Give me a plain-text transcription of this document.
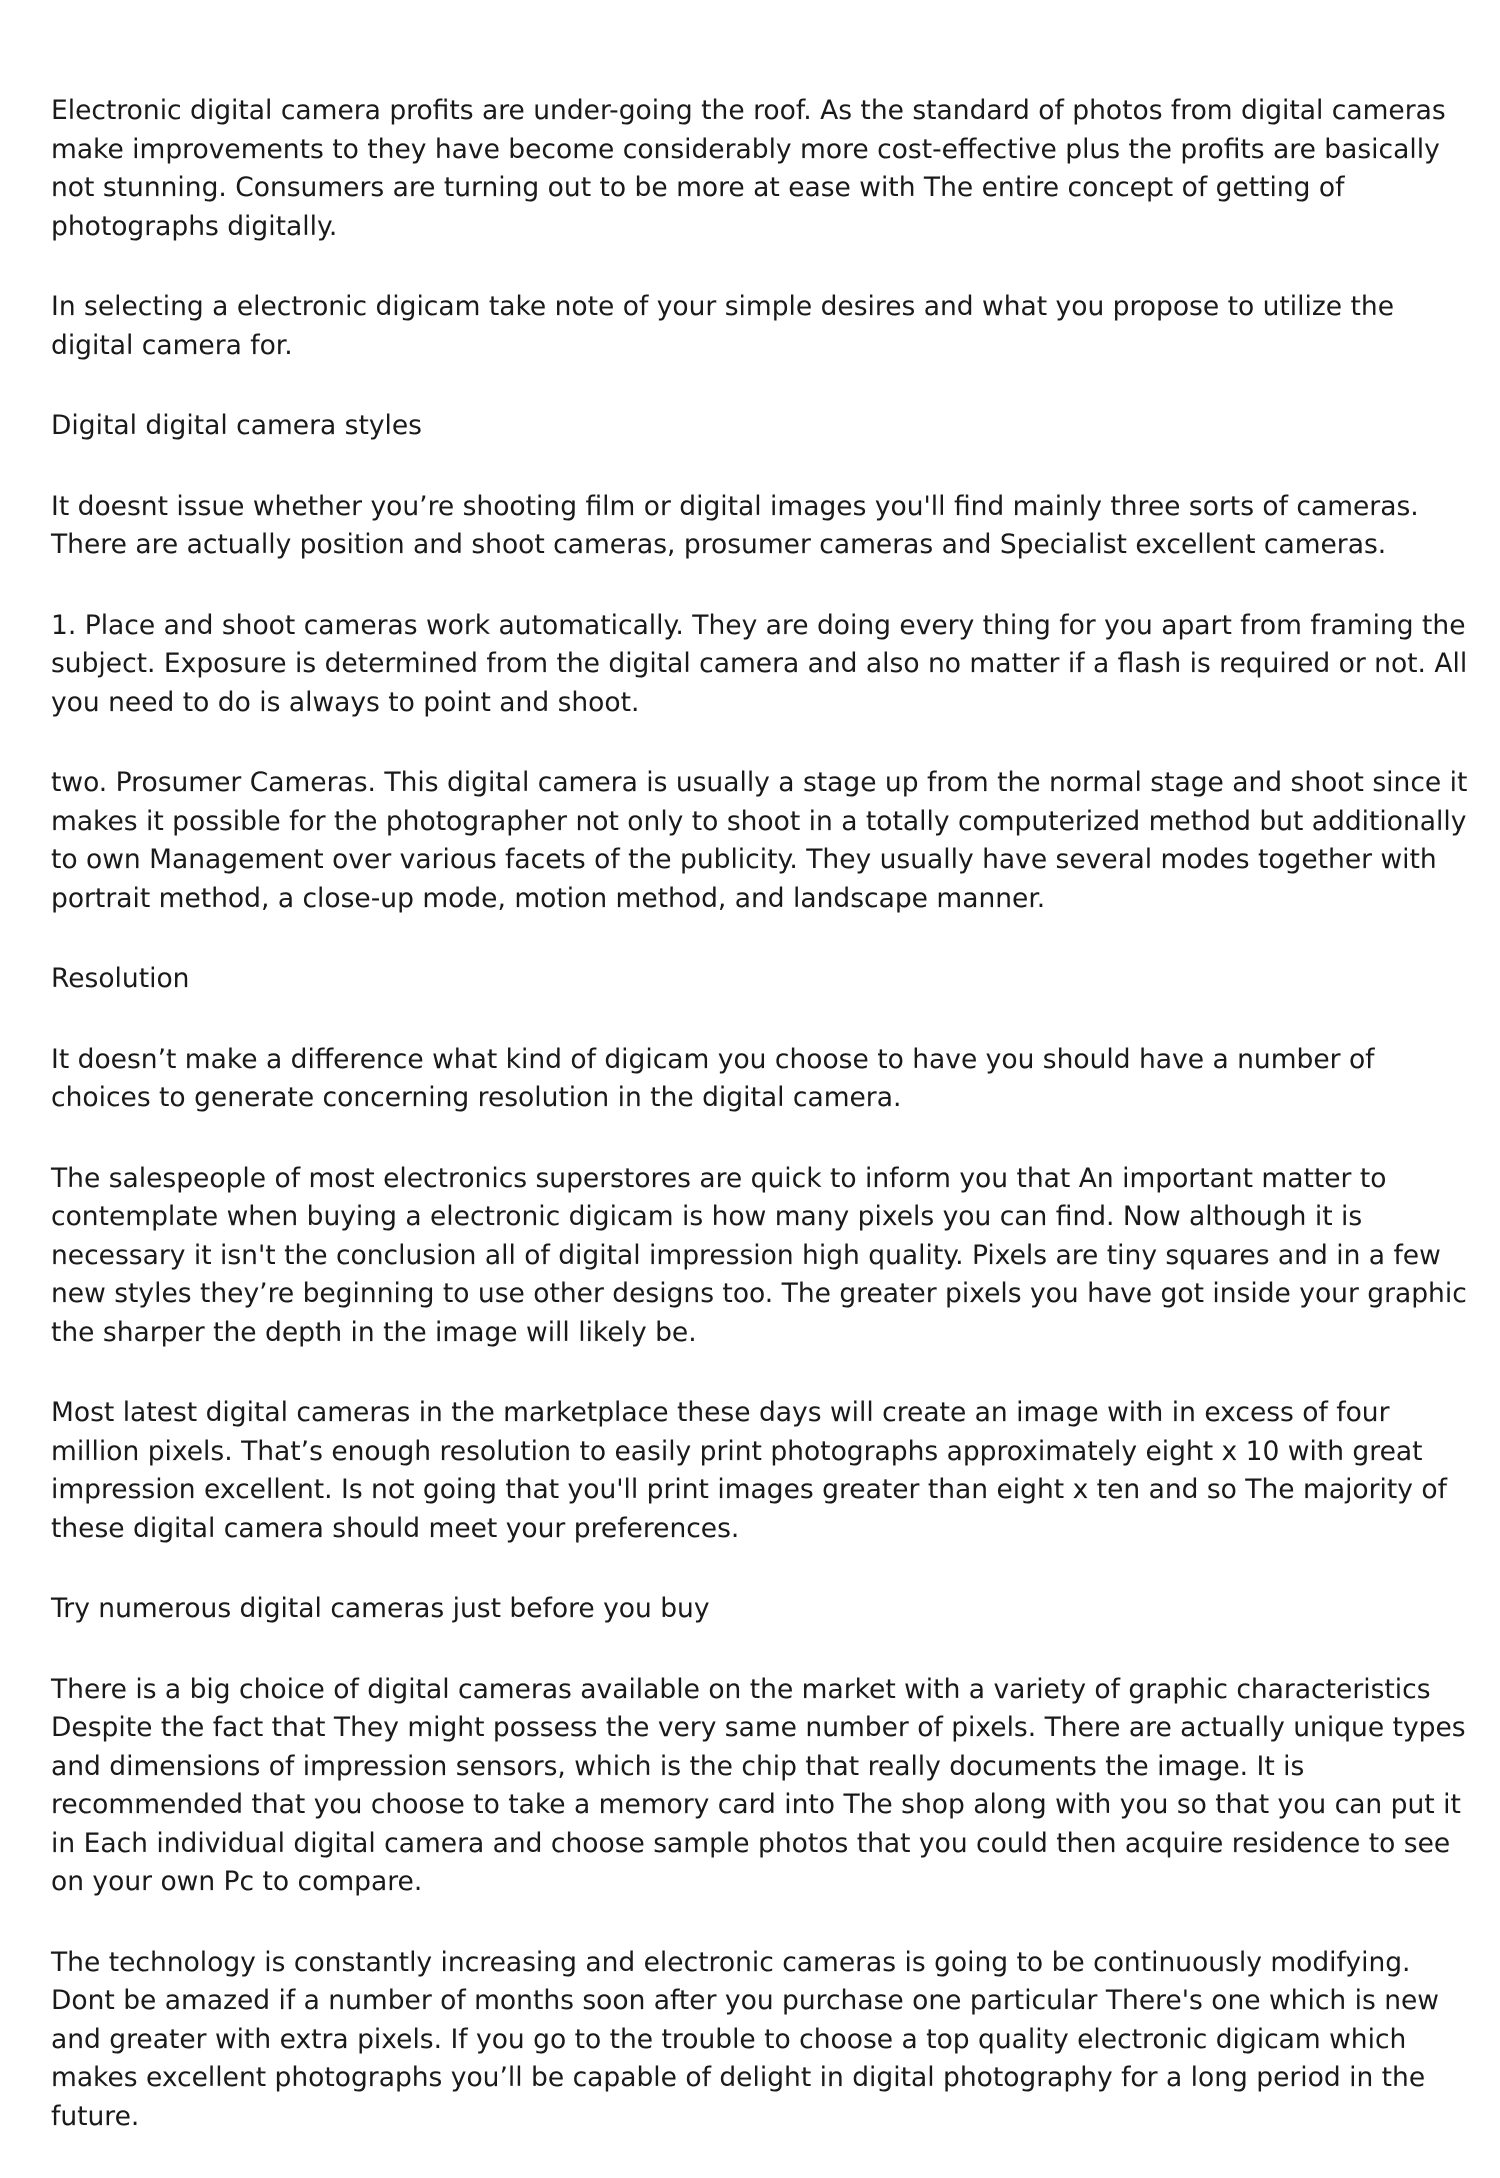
Electronic digital camera profits are under-going the roof. As the standard of photos from digital cameras make improvements to they have become considerably more cost-effective plus the profits are basically not stunning. Consumers are turning out to be more at ease with The entire concept of getting of photographs digitally.

In selecting a electronic digicam take note of your simple desires and what you propose to utilize the digital camera for.

Digital digital camera styles

It doesnt issue whether you’re shooting film or digital images you'll find mainly three sorts of cameras. There are actually position and shoot cameras, prosumer cameras and Specialist excellent cameras.

1. Place and shoot cameras work automatically. They are doing every thing for you apart from framing the subject. Exposure is determined from the digital camera and also no matter if a flash is required or not. All you need to do is always to point and shoot.

two. Prosumer Cameras. This digital camera is usually a stage up from the normal stage and shoot since it makes it possible for the photographer not only to shoot in a totally computerized method but additionally to own Management over various facets of the publicity. They usually have several modes together with portrait method, a close-up mode, motion method, and landscape manner.

Resolution

It doesn’t make a difference what kind of digicam you choose to have you should have a number of choices to generate concerning resolution in the digital camera.

The salespeople of most electronics superstores are quick to inform you that An important matter to contemplate when buying a electronic digicam is how many pixels you can find. Now although it is necessary it isn't the conclusion all of digital impression high quality. Pixels are tiny squares and in a few new styles they’re beginning to use other designs too. The greater pixels you have got inside your graphic the sharper the depth in the image will likely be.

Most latest digital cameras in the marketplace these days will create an image with in excess of four million pixels. That’s enough resolution to easily print photographs approximately eight x 10 with great impression excellent. Is not going that you'll print images greater than eight x ten and so The majority of these digital camera should meet your preferences.

Try numerous digital cameras just before you buy

There is a big choice of digital cameras available on the market with a variety of graphic characteristics Despite the fact that They might possess the very same number of pixels. There are actually unique types and dimensions of impression sensors, which is the chip that really documents the image. It is recommended that you choose to take a memory card into The shop along with you so that you can put it in Each individual digital camera and choose sample photos that you could then acquire residence to see on your own Pc to compare.

The technology is constantly increasing and electronic cameras is going to be continuously modifying. Dont be amazed if a number of months soon after you purchase one particular There's one which is new and greater with extra pixels. If you go to the trouble to choose a top quality electronic digicam which makes excellent photographs you’ll be capable of delight in digital photography for a long period in the future.
